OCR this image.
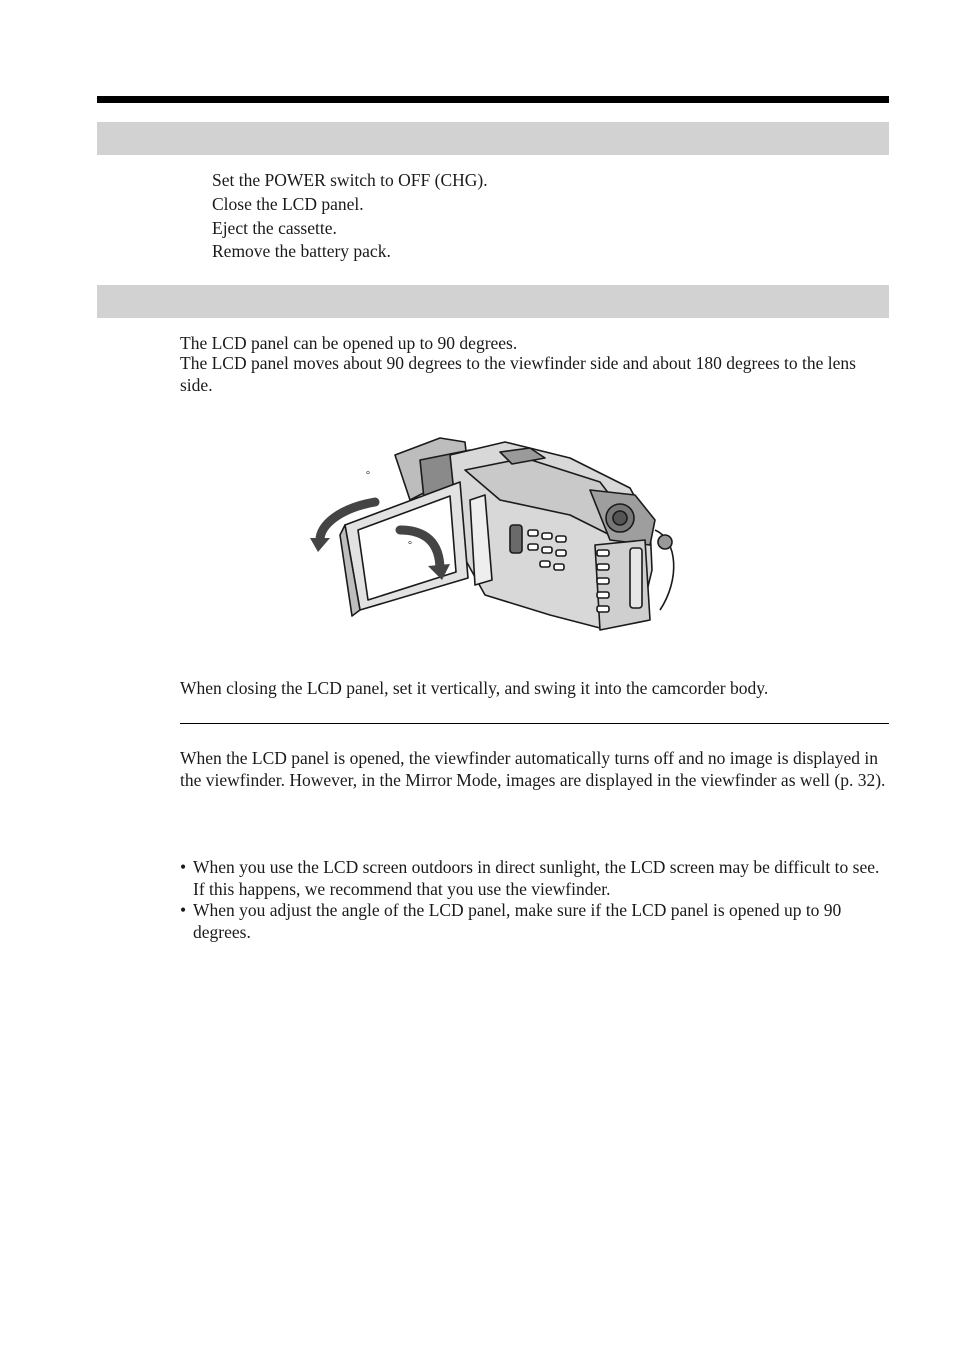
Set the POWER switch to OFF (CHG).
Close the LCD panel.
Eject the cassette.
Remove the battery pack.
The LCD panel can be opened up to 90 degrees.
The LCD panel moves about 90 degrees to the viewfinder side and about 180 degrees to the lens side.
°
°
When closing the LCD panel, set it vertically, and swing it into the camcorder body.
When the LCD panel is opened, the viewfinder automatically turns off and no image is displayed in the viewfinder. However, in the Mirror Mode, images are displayed in the viewfinder as well (p. 32).
• When you use the LCD screen outdoors in direct sunlight, the LCD screen may be difficult to see. If this happens, we recommend that you use the viewfinder.
• When you adjust the angle of the LCD panel, make sure if the LCD panel is opened up to 90 degrees.
